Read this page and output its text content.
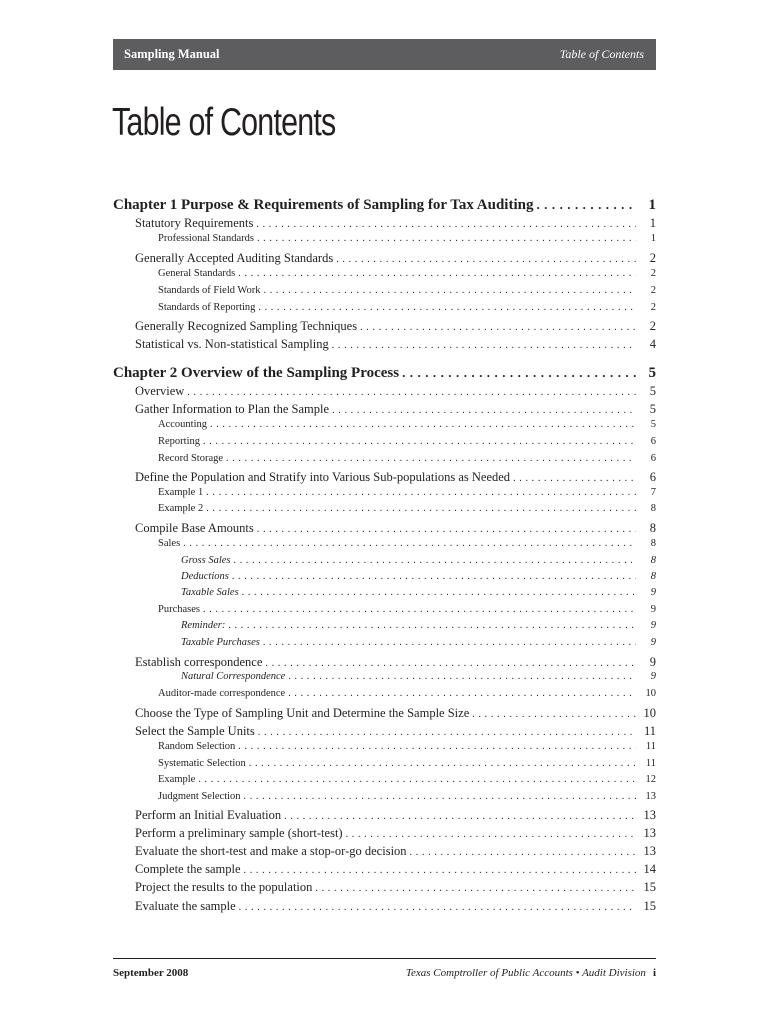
Sampling Manual	Table of Contents
Table of Contents
Chapter 1 Purpose & Requirements of Sampling for Tax Auditing . . .	1
Statutory Requirements . . .	1
Professional Standards . . .	1
Generally Accepted Auditing Standards . . .	2
General Standards . . .	2
Standards of Field Work . . .	2
Standards of Reporting . . .	2
Generally Recognized Sampling Techniques . . .	2
Statistical vs. Non-statistical Sampling . . .	4
Chapter 2 Overview of the Sampling Process . . .	5
Overview . . .	5
Gather Information to Plan the Sample . . .	5
Accounting . . .	5
Reporting . . .	6
Record Storage . . .	6
Define the Population and Stratify into Various Sub-populations as Needed . . .	6
Example 1 . . .	7
Example 2 . . .	8
Compile Base Amounts . . .	8
Sales . . .	8
Gross Sales . . .	8
Deductions . . .	8
Taxable Sales . . .	9
Purchases . . .	9
Reminder: . . .	9
Taxable Purchases . . .	9
Establish correspondence . . .	9
Natural Correspondence . . .	9
Auditor-made correspondence . . .	10
Choose the Type of Sampling Unit and Determine the Sample Size . . .	10
Select the Sample Units . . .	11
Random Selection . . .	11
Systematic Selection . . .	11
Example . . .	12
Judgment Selection . . .	13
Perform an Initial Evaluation . . .	13
Perform a preliminary sample (short-test) . . .	13
Evaluate the short-test and make a stop-or-go decision . . .	13
Complete the sample . . .	14
Project the results to the population . . .	15
Evaluate the sample . . .	15
September 2008	Texas Comptroller of Public Accounts • Audit Division i
